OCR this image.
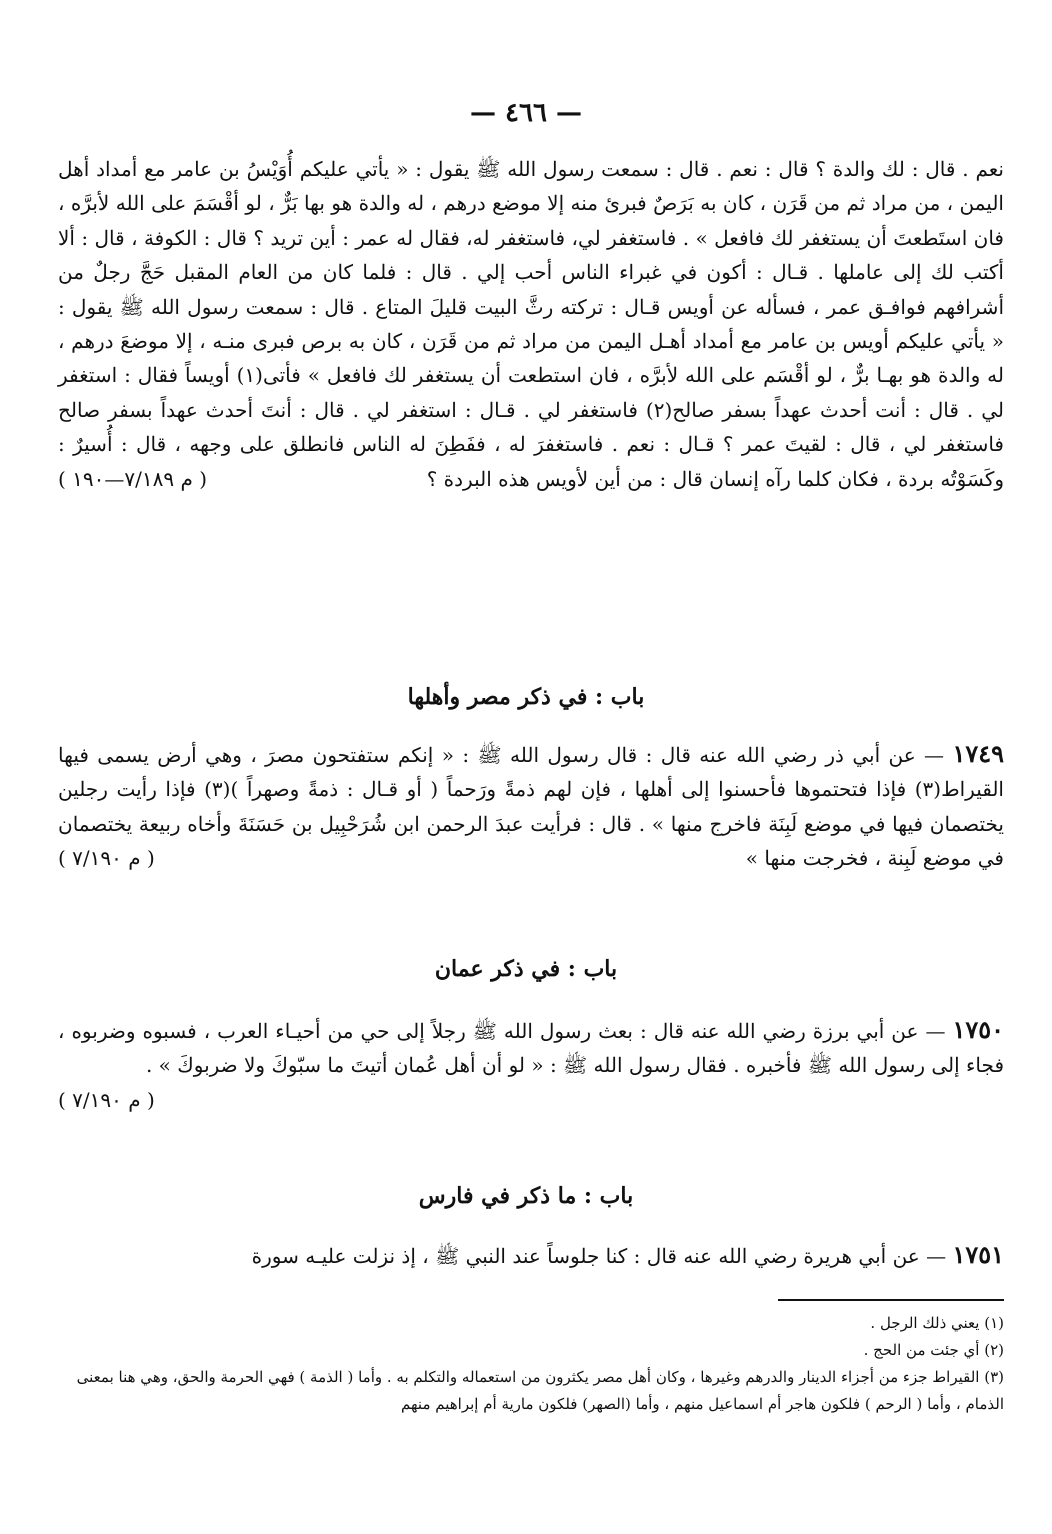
— ٤٦٦ —

نعم . قال : لك والدة ؟ قال : نعم . قال : سمعت رسول الله ﷺ يقول : « يأتي عليكم أُوَيْسُ بن عامر مع أمداد أهل اليمن ، من مراد ثم من قَرَن ، كان به بَرَصٌ فبرئ منه إلا موضع درهم ، له والدة هو بها بَرٌّ ، لو أقْسَمَ على الله لأبرَّه ، فان استَطعتَ أن يستغفر لك فافعل » . فاستغفر لي، فاستغفر له، فقال له عمر : أين تريد ؟ قال : الكوفة ، قال : ألا أكتب لك إلى عاملها . قـال : أكون في غبراء الناس أحب إلي . قال : فلما كان من العام المقبل حَجَّ رجلٌ من أشرافهم فوافـق عمر ، فسأله عن أويس قـال : تركته رثَّ البيت قليلَ المتاع . قال : سمعت رسول الله ﷺ يقول : « يأتي عليكم أويس بن عامر مع أمداد أهـل اليمن من مراد ثم من قَرَن ، كان به برص فبرى منـه ، إلا موضعَ درهم ، له والدة هو بهـا برٌّ ، لو أقْسَم على الله لأبرَّه ، فان استطعت أن يستغفر لك فافعل » فأتى(١) أويساً فقال : استغفر لي . قال : أنت أحدث عهداً بسفر صالح(٢) فاستغفر لي . قـال : استغفر لي . قال : أنتَ أحدث عهداً بسفر صالح فاستغفر لي ، قال : لقيتَ عمر ؟ قـال : نعم . فاستغفرَ له ، ففَطِنَ له الناس فانطلق على وجهه ، قال : أُسيرٌ : وكَسَوْتُه بردة ، فكان كلما رآه إنسان قال : من أين لأويس هذه البردة ؟
( م ٧/١٨٩—١٩٠ )

باب : في ذكر مصر وأهلها

١٧٤٩ — عن أبي ذر رضي الله عنه قال : قال رسول الله ﷺ : « إنكم ستفتحون مصرَ ، وهي أرض يسمى فيها القيراط(٣) فإذا فتحتموها فأحسنوا إلى أهلها ، فإن لهم ذمةً ورَحماً ( أو قـال : ذمةً وصهراً )(٣) فإذا رأيت رجلين يختصمان فيها في موضع لَبِنَة فاخرج منها » . قال : فرأيت عبدَ الرحمن ابن شُرَحْبِيل بن حَسَنَةَ وأخاه ربيعة يختصمان في موضع لَبِنة ، فخرجت منها »
( م ٧/١٩٠ )

باب : في ذكر عمان

١٧٥٠ — عن أبي برزة رضي الله عنه قال : بعث رسول الله ﷺ رجلاً إلى حي من أحيـاء العرب ، فسبوه وضربوه ، فجاء إلى رسول الله ﷺ فأخبره . فقال رسول الله ﷺ : « لو أن أهل عُمان أتيتَ ما سبّوكَ ولا ضربوكَ » .
( م ٧/١٩٠ )

باب : ما ذكر في فارس

١٧٥١ — عن أبي هريرة رضي الله عنه قال : كنا جلوساً عند النبي ﷺ ، إذ نزلت عليـه سورة

(١) يعني ذلك الرجل .

(٢) أي جئت من الحج .

(٣) القيراط جزء من أجزاء الدينار والدرهم وغيرها ، وكان أهل مصر يكثرون من استعماله والتكلم به . وأما ( الذمة ) فهي الحرمة والحق، وهي هنا بمعنى الذمام ، وأما ( الرحم ) فلكون هاجر أم اسماعيل منهم ، وأما (الصهر) فلكون مارية أم إبراهيم منهم
